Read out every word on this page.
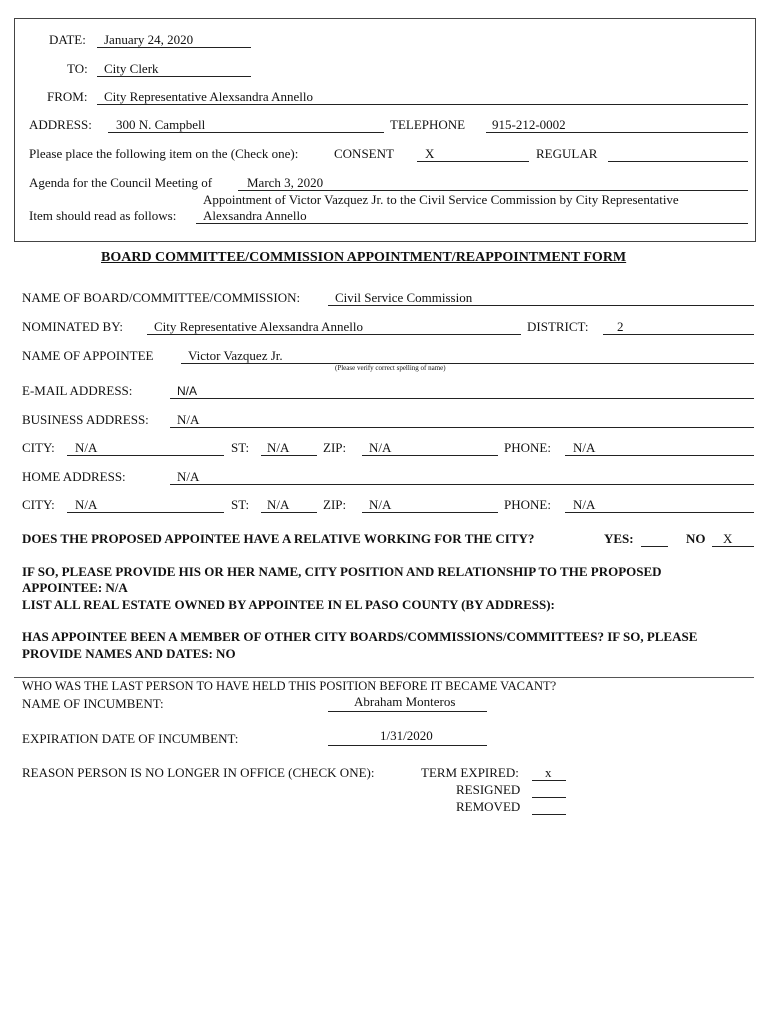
DATE: January 24, 2020
TO: City Clerk
FROM: City Representative Alexsandra Annello
ADDRESS: 300 N. Campbell	TELEPHONE 915-212-0002
Please place the following item on the (Check one):	CONSENT X	REGULAR
Agenda for the Council Meeting of	March 3, 2020
Appointment of Victor Vazquez Jr. to the Civil Service Commission by City Representative
Item should read as follows: Alexsandra Annello
BOARD COMMITTEE/COMMISSION APPOINTMENT/REAPPOINTMENT FORM
NAME OF BOARD/COMMITTEE/COMMISSION:	Civil Service Commission
NOMINATED BY: City Representative Alexsandra Annello	DISTRICT: 2
NAME OF APPOINTEE	Victor Vazquez Jr.
(Please verify correct spelling of name)
E-MAIL ADDRESS:	N/A
BUSINESS ADDRESS: N/A
CITY: N/A	ST: N/A	ZIP: N/A	PHONE: N/A
HOME ADDRESS:	N/A
CITY: N/A	ST: N/A	ZIP: N/A	PHONE: N/A
DOES THE PROPOSED APPOINTEE HAVE A RELATIVE WORKING FOR THE CITY?	YES:	NO X
IF SO, PLEASE PROVIDE HIS OR HER NAME, CITY POSITION AND RELATIONSHIP TO THE PROPOSED
APPOINTEE: N/A
LIST ALL REAL ESTATE OWNED BY APPOINTEE IN EL PASO COUNTY (BY ADDRESS):
HAS APPOINTEE BEEN A MEMBER OF OTHER CITY BOARDS/COMMISSIONS/COMMITTEES? IF SO, PLEASE
PROVIDE NAMES AND DATES: NO
WHO WAS THE LAST PERSON TO HAVE HELD THIS POSITION BEFORE IT BECAME VACANT?
NAME OF INCUMBENT:	Abraham Monteros
EXPIRATION DATE OF INCUMBENT:	1/31/2020
REASON PERSON IS NO LONGER IN OFFICE (CHECK ONE):	TERM EXPIRED: x
RESIGNED
REMOVED
